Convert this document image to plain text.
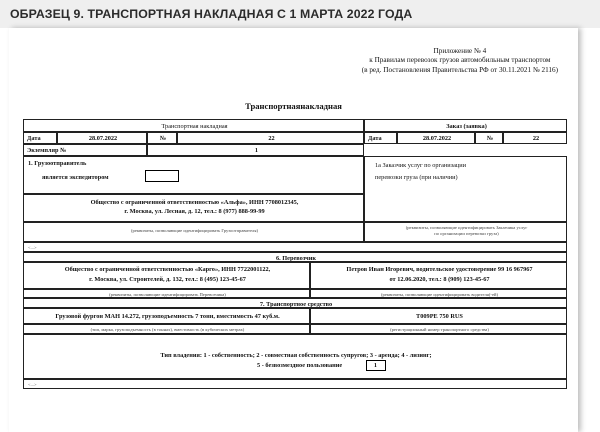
ОБРАЗЕЦ 9. ТРАНСПОРТНАЯ НАКЛАДНАЯ С 1 МАРТА 2022 ГОДА
Приложение № 4
к Правилам перевозок грузов автомобильным транспортом
(в ред. Постановления Правительства РФ от 30.11.2021 № 2116)
Транспортнаянакладная
Транспортная накладная	Заказ (заявка)
Дата	28.07.2022	№	22	Дата	28.07.2022	№	22
Экземпляр №	1
1. Грузоотправитель
является экспедитором
Общество с ограниченной ответственностью «Альфа», ИНН 7708012345,
г. Москва, ул. Лесная, д. 12, тел.: 8 (977) 888-99-99
(реквизиты, позволяющие идентифицировать Грузоотправителя)
1а Заказчик услуг по организации
перевозки груза (при наличии)
(реквизиты, позволяющие идентифицировать Заказчика услуг
по организации перевозки груза)
<...>
6. Перевозчик
Общество с ограниченной ответственностью «Карго», ИНН 7722001122,
г. Москва, ул. Строителей, д. 132, тел.: 8 (495) 123-45-67
Петров Иван Игоревич, водительское удостоверение 99 16 967967
от 12.06.2020, тел.: 8 (909) 123-45-67
(реквизиты, позволяющие идентифицировать Перевозчика)	(реквизиты, позволяющие идентифицировать водителя(-ей)
7. Транспортное средство
Грузовой фургон МАН 14.272, грузоподъемность 7 тонн, вместимость 47 куб.м.	Т009РЕ 750 RUS
(тип, марка, грузоподъемность (в тоннах), вместимость (в кубических метрах)	(регистрационный номер транспортного средства)
Тип владения: 1 - собственность; 2 - совместная собственность супругов; 3 - аренда; 4 - лизинг;
5 - безвозмездное пользование	1
<...>
